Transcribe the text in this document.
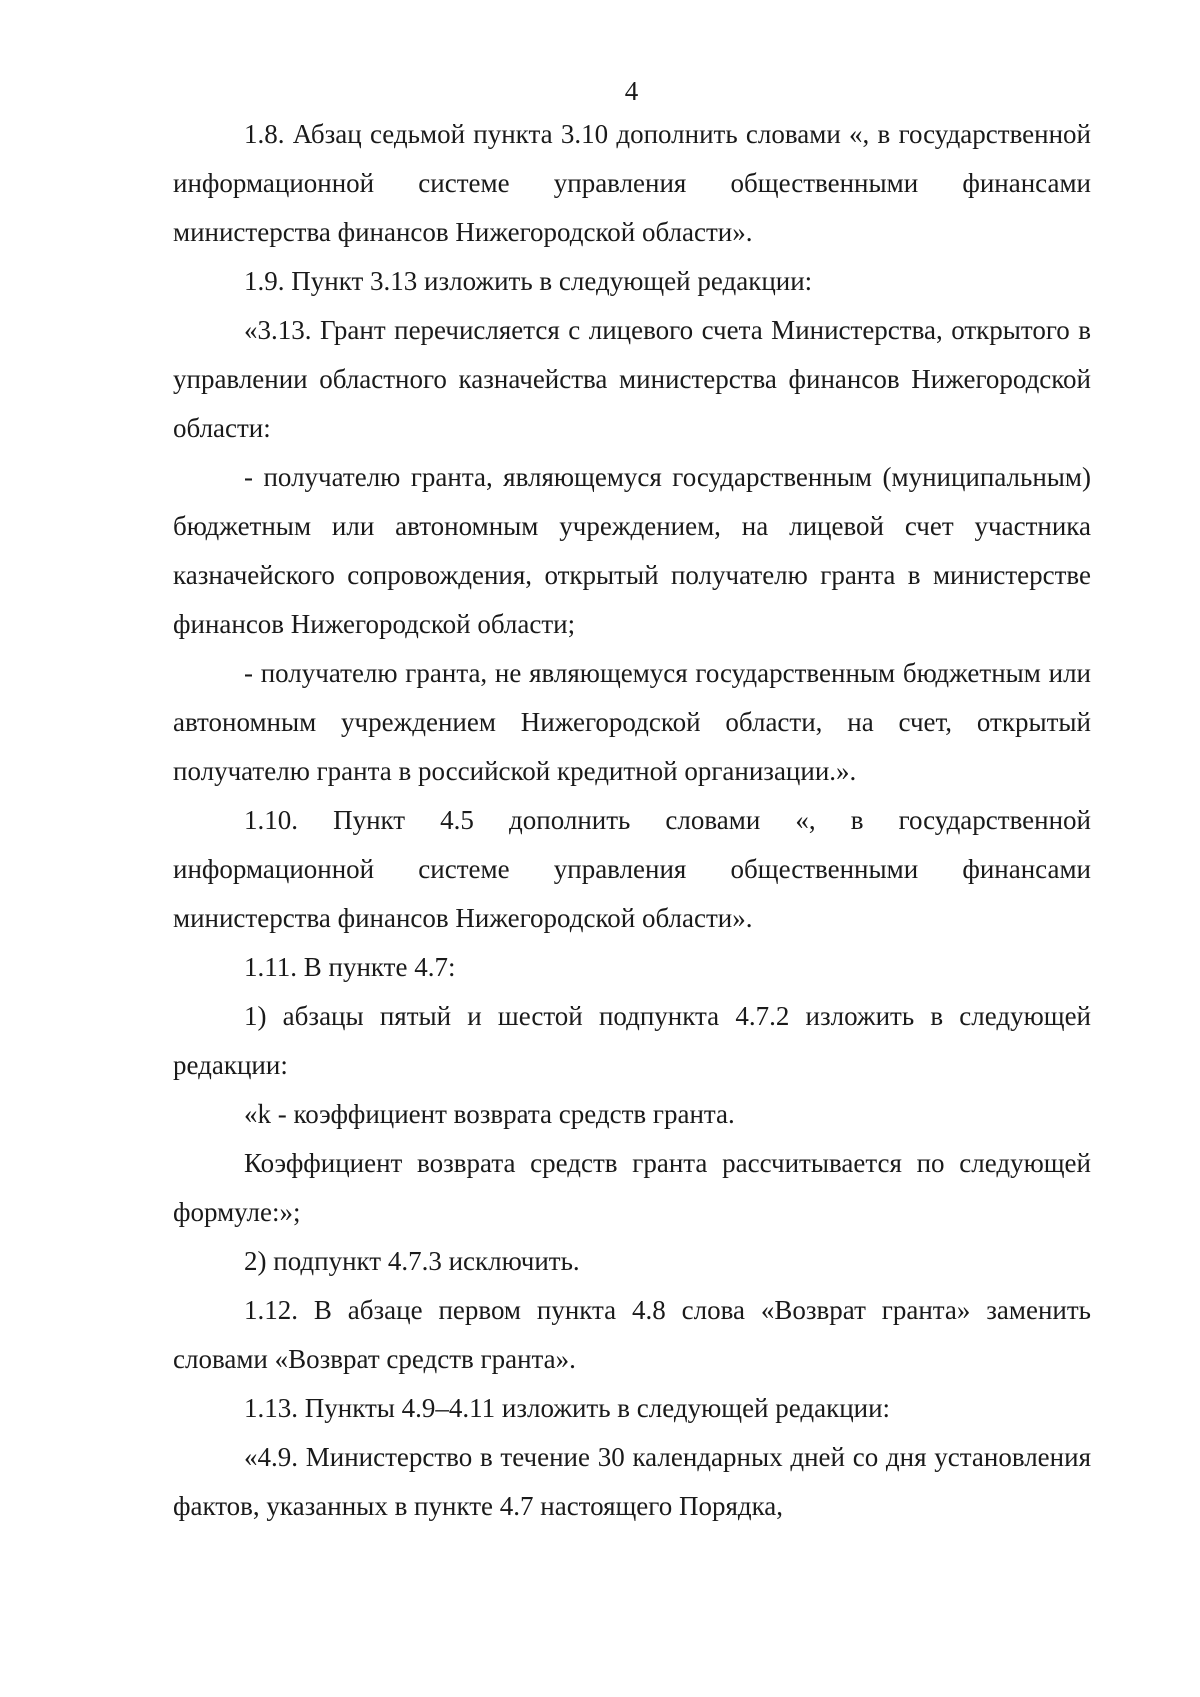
4

1.8. Абзац седьмой пункта 3.10 дополнить словами «, в государственной информационной системе управления общественными финансами министерства финансов Нижегородской области».

1.9. Пункт 3.13 изложить в следующей редакции:

«3.13. Грант перечисляется с лицевого счета Министерства, открытого в управлении областного казначейства министерства финансов Нижегородской области:

- получателю гранта, являющемуся государственным (муниципальным) бюджетным или автономным учреждением, на лицевой счет участника казначейского сопровождения, открытый получателю гранта в министерстве финансов Нижегородской области;

- получателю гранта, не являющемуся государственным бюджетным или автономным учреждением Нижегородской области, на счет, открытый получателю гранта в российской кредитной организации.».

1.10. Пункт 4.5 дополнить словами «, в государственной информационной системе управления общественными финансами министерства финансов Нижегородской области».

1.11. В пункте 4.7:

1) абзацы пятый и шестой подпункта 4.7.2 изложить в следующей редакции:

«k - коэффициент возврата средств гранта.

Коэффициент возврата средств гранта рассчитывается по следующей формуле:»;

2) подпункт 4.7.3 исключить.

1.12. В абзаце первом пункта 4.8 слова «Возврат гранта» заменить словами «Возврат средств гранта».

1.13. Пункты 4.9–4.11 изложить в следующей редакции:

«4.9. Министерство в течение 30 календарных дней со дня установления фактов, указанных в пункте 4.7 настоящего Порядка,
